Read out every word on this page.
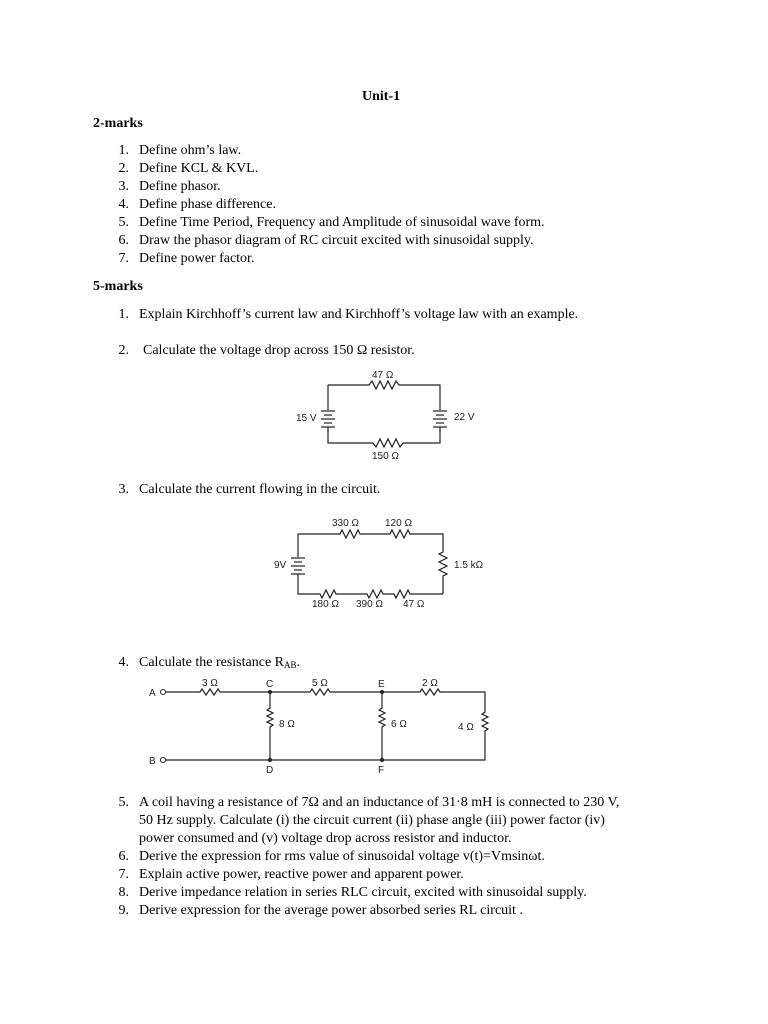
Unit-1
2-marks
1. Define ohm’s law.
2. Define KCL & KVL.
3. Define phasor.
4. Define phase difference.
5. Define Time Period, Frequency and Amplitude of sinusoidal wave form.
6. Draw the phasor diagram of RC circuit excited with sinusoidal supply.
7. Define power factor.
5-marks
1. Explain Kirchhoff’s current law and Kirchhoff’s voltage law with an example.
2. Calculate the voltage drop across 150 Ω resistor.
47 Ω
150 Ω
15 V	22 V
3. Calculate the current flowing in the circuit.
330 Ω	120 Ω
1.5 kΩ
180 Ω 390 Ω 47 Ω
9V
4. Calculate the resistance $R_{AB}$.
A
B
C
D
E
F
3 Ω	5 Ω	2 Ω
8 Ω	6 Ω	4 Ω
5. A coil having a resistance of 7Ω and an inductance of 31·8 mH is connected to 230 V,
50 Hz supply. Calculate (i) the circuit current (ii) phase angle (iii) power factor (iv)
power consumed and (v) voltage drop across resistor and inductor.
6. Derive the expression for rms value of sinusoidal voltage v(t)=Vmsinωt.
7. Explain active power, reactive power and apparent power.
8. Derive impedance relation in series RLC circuit, excited with sinusoidal supply.
9. Derive expression for the average power absorbed series RL circuit .
